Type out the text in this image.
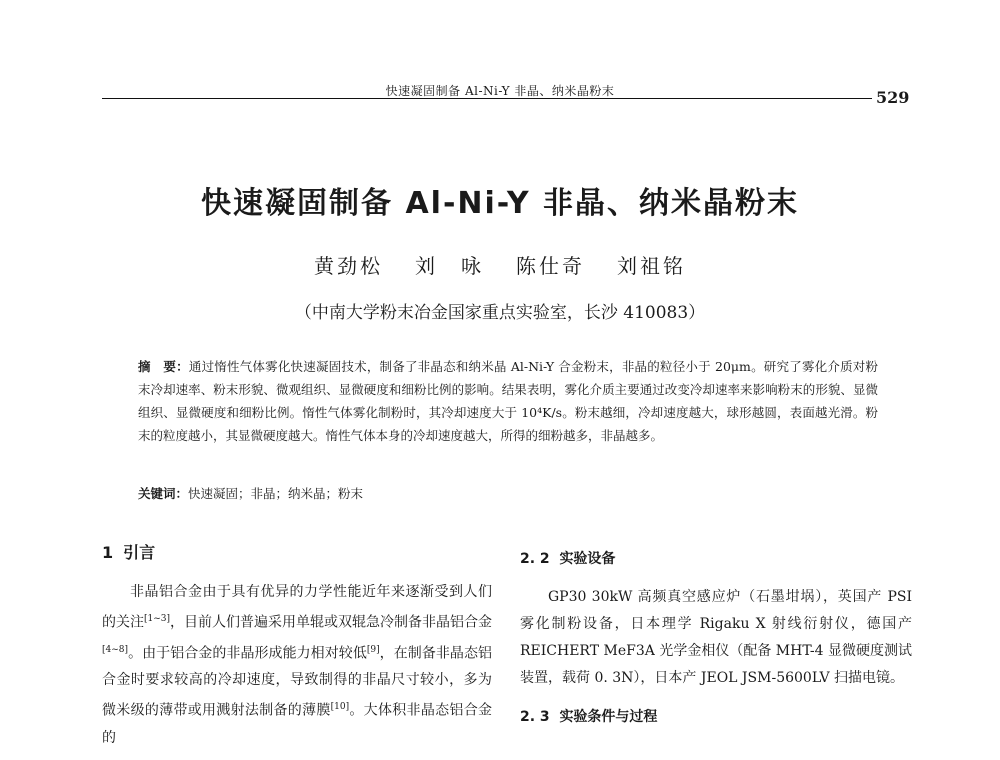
快速凝固制备 Al-Ni-Y 非晶、纳米晶粉末	529
快速凝固制备 Al-Ni-Y 非晶、纳米晶粉末
黄劲松 刘　咏 陈仕奇 刘祖铭
（中南大学粉末冶金国家重点实验室，长沙 410083）
摘　要：通过惰性气体雾化快速凝固技术，制备了非晶态和纳米晶 Al-Ni-Y 合金粉末，非晶的粒径小于 20μm。研究了雾化介质对粉末冷却速率、粉末形貌、微观组织、显微硬度和细粉比例的影响。结果表明，雾化介质主要通过改变冷却速率来影响粉末的形貌、显微组织、显微硬度和细粉比例。惰性气体雾化制粉时，其冷却速度大于 10⁴K/s。粉末越细，冷却速度越大，球形越圆，表面越光滑。粉末的粒度越小，其显微硬度越大。惰性气体本身的冷却速度越大，所得的细粉越多，非晶越多。
关键词：快速凝固；非晶；纳米晶；粉末
1 引言

非晶铝合金由于具有优异的力学性能近年来逐渐受到人们的关注[1~3]，目前人们普遍采用单辊或双辊急冷制备非晶铝合金[4~8]。由于铝合金的非晶形成能力相对较低[9]，在制备非晶态铝合金时要求较高的冷却速度，导致制得的非晶尺寸较小，多为微米级的薄带或用溅射法制备的薄膜[10]。大体积非晶态铝合金的

2. 2 实验设备

GP30 30kW 高频真空感应炉（石墨坩埚），英国产 PSI 雾化制粉设备，日本理学 Rigaku X 射线衍射仪，德国产 REICHERT MeF3A 光学金相仪（配备 MHT-4 显微硬度测试装置，载荷 0. 3N），日本产 JEOL JSM-5600LV 扫描电镜。

2. 3 实验条件与过程
